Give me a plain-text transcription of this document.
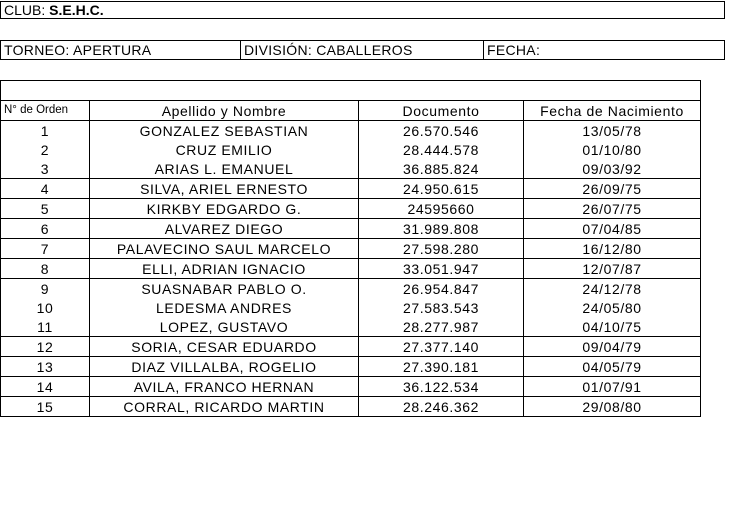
CLUB: S.E.H.C.
TORNEO: APERTURA	DIVISIÓN: CABALLEROS	FECHA:

N° de Orden	Apellido y Nombre	Documento	Fecha de Nacimiento
1	GONZALEZ SEBASTIAN	26.570.546	13/05/78
2	CRUZ EMILIO	28.444.578	01/10/80
3	ARIAS L. EMANUEL	36.885.824	09/03/92
4	SILVA, ARIEL ERNESTO	24.950.615	26/09/75
5	KIRKBY EDGARDO G.	24595660	26/07/75
6	ALVAREZ DIEGO	31.989.808	07/04/85
7	PALAVECINO SAUL MARCELO	27.598.280	16/12/80
8	ELLI, ADRIAN IGNACIO	33.051.947	12/07/87
9	SUASNABAR PABLO O.	26.954.847	24/12/78
10	LEDESMA ANDRES	27.583.543	24/05/80
11	LOPEZ, GUSTAVO	28.277.987	04/10/75
12	SORIA, CESAR EDUARDO	27.377.140	09/04/79
13	DIAZ VILLALBA, ROGELIO	27.390.181	04/05/79
14	AVILA, FRANCO HERNAN	36.122.534	01/07/91
15	CORRAL, RICARDO MARTIN	28.246.362	29/08/80
